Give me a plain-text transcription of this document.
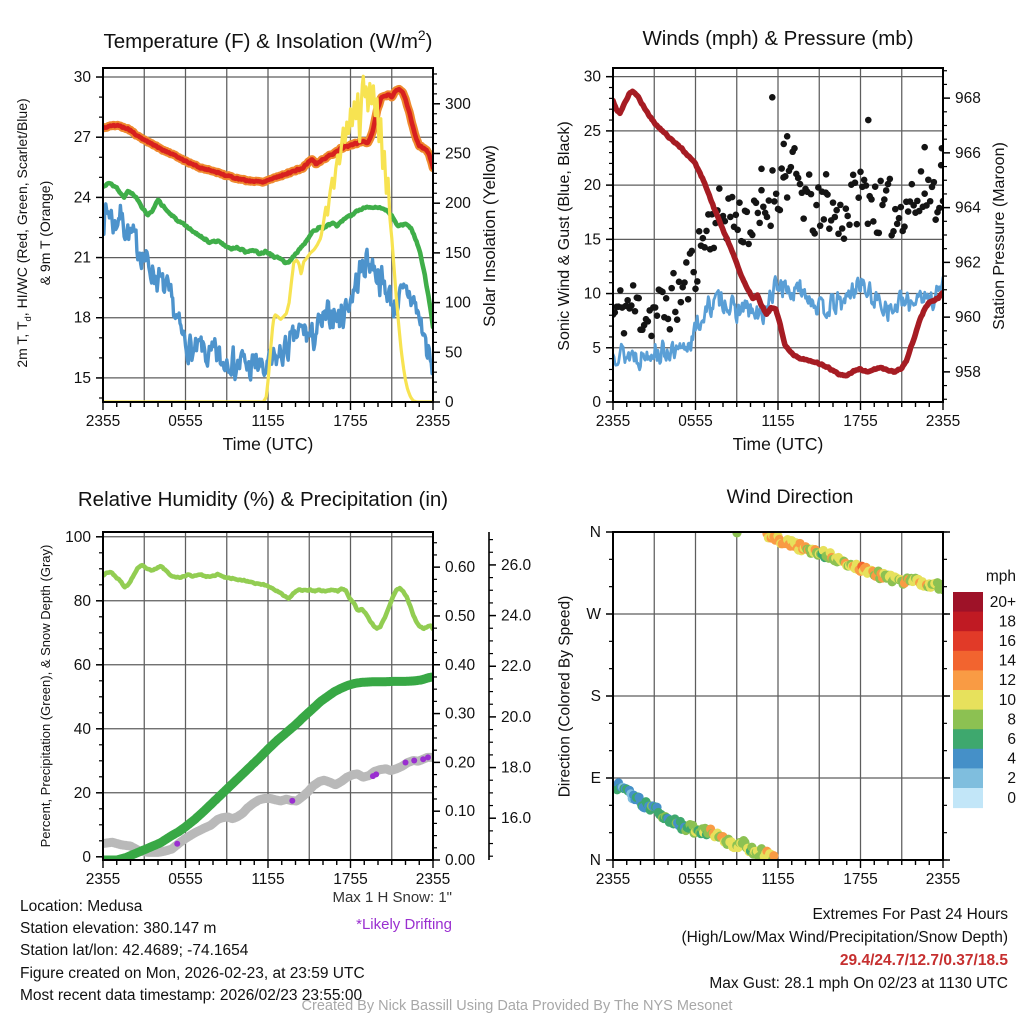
2355	0555	1155	1755	2355
15
18
21
24
27
30
0
50
100
150
200
250
300
2355	0555	1155	1755	2355
0
5
10
15
20
25
30
958
960
962
964
966
968
2355	0555	1155	1755	2355
0
20
40
60
80
100
0.00
0.10
0.20
0.30
0.40
0.50
0.60
16.0
18.0
20.0
22.0
24.0
26.0
2355	0555	1155	1755	2355
N
E
S
W
N
mph
20+
18
16
14
12
10
8
6
4
2
0
Temperature (F) & Insolation $(W/m^2)$	Winds (mph) & Pressure (mb)
Relative Humidity (%) & Precipitation (in)	Wind Direction
Time (UTC)	Time (UTC)
2m T, $T_d$, HI/WC (Red, Green, Scarlet/Blue) & 9m T (Orange)	Solar Insolation (Yellow)	Sonic Wind & Gust (Blue, Black)	Station Pressure (Maroon)
Percent, Precipitation (Green), & Snow Depth (Gray)	Direction (Colored By Speed)
Location: Medusa
Station elevation: 380.147 m
Station lat/lon: 42.4689; -74.1654
Figure created on Mon, 2026-02-23, at 23:59 UTC
Most recent data timestamp: 2026/02/23 23:55:00
Max 1 H Snow: 1"
*Likely Drifting
Extremes For Past 24 Hours
(High/Low/Max Wind/Precipitation/Snow Depth)
29.4/24.7/12.7/0.37/18.5
Max Gust: 28.1 mph On 02/23 at 1130 UTC
Created By Nick Bassill Using Data Provided By The NYS Mesonet
